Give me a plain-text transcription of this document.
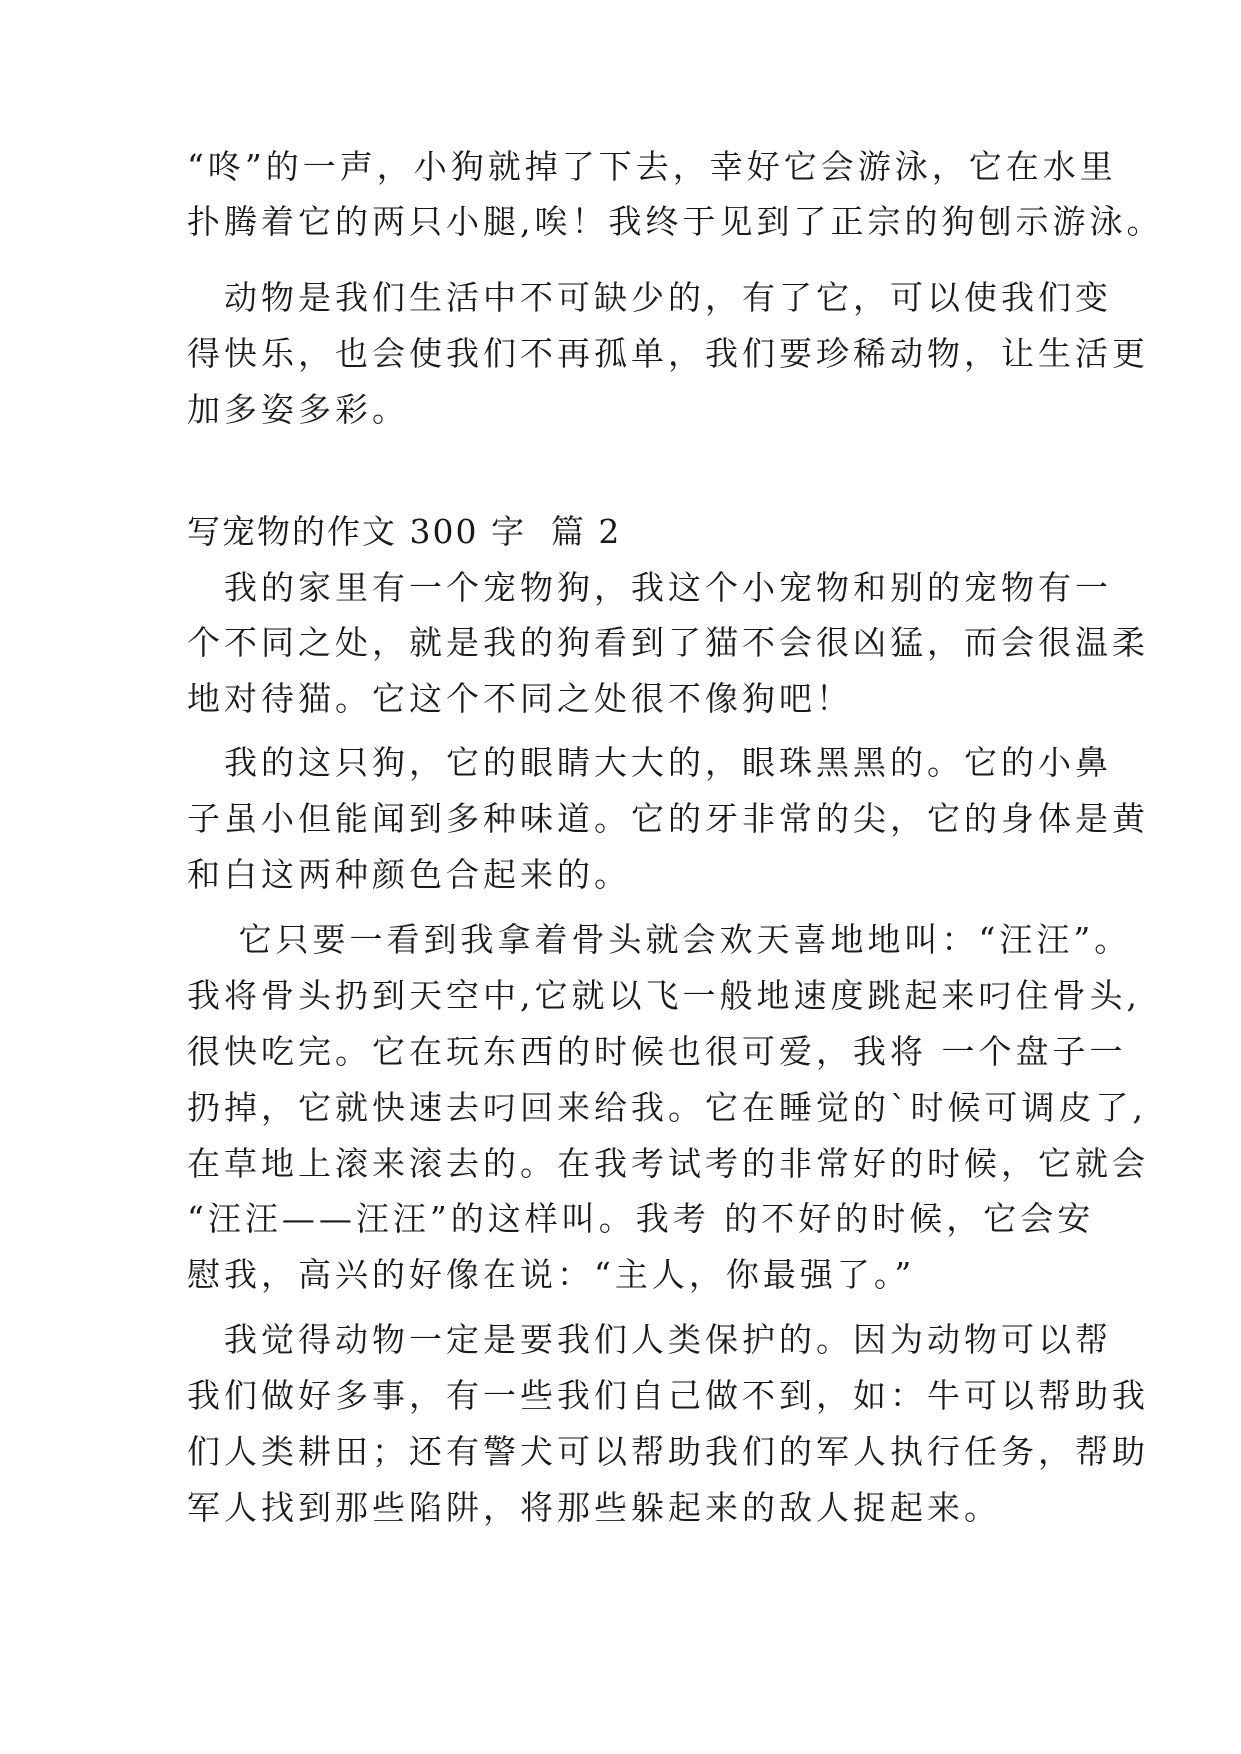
“咚”的一声，小狗就掉了下去，幸好它会游泳，它在水里
扑腾着它的两只小腿,唉！我终于见到了正宗的狗刨示游泳。
　动物是我们生活中不可缺少的，有了它，可以使我们变
得快乐，也会使我们不再孤单，我们要珍稀动物，让生活更
加多姿多彩。
写宠物的作文 300 字  篇 2
　我的家里有一个宠物狗，我这个小宠物和别的宠物有一
个不同之处，就是我的狗看到了猫不会很凶猛，而会很温柔
地对待猫。它这个不同之处很不像狗吧！
　我的这只狗，它的眼睛大大的，眼珠黑黑的。它的小鼻
子虽小但能闻到多种味道。它的牙非常的尖，它的身体是黄
和白这两种颜色合起来的。
　 它只要一看到我拿着骨头就会欢天喜地地叫：“汪汪”。
我将骨头扔到天空中,它就以飞一般地速度跳起来叼住骨头,
很快吃完。它在玩东西的时候也很可爱，我将 一个盘子一
扔掉，它就快速去叼回来给我。它在睡觉的`时候可调皮了,
在草地上滚来滚去的。在我考试考的非常好的时候，它就会
“汪汪——汪汪”的这样叫。我考 的不好的时候，它会安
慰我，高兴的好像在说：“主人，你最强了。”
　我觉得动物一定是要我们人类保护的。因为动物可以帮
我们做好多事，有一些我们自己做不到，如：牛可以帮助我
们人类耕田；还有警犬可以帮助我们的军人执行任务，帮助
军人找到那些陷阱，将那些躲起来的敌人捉起来。
